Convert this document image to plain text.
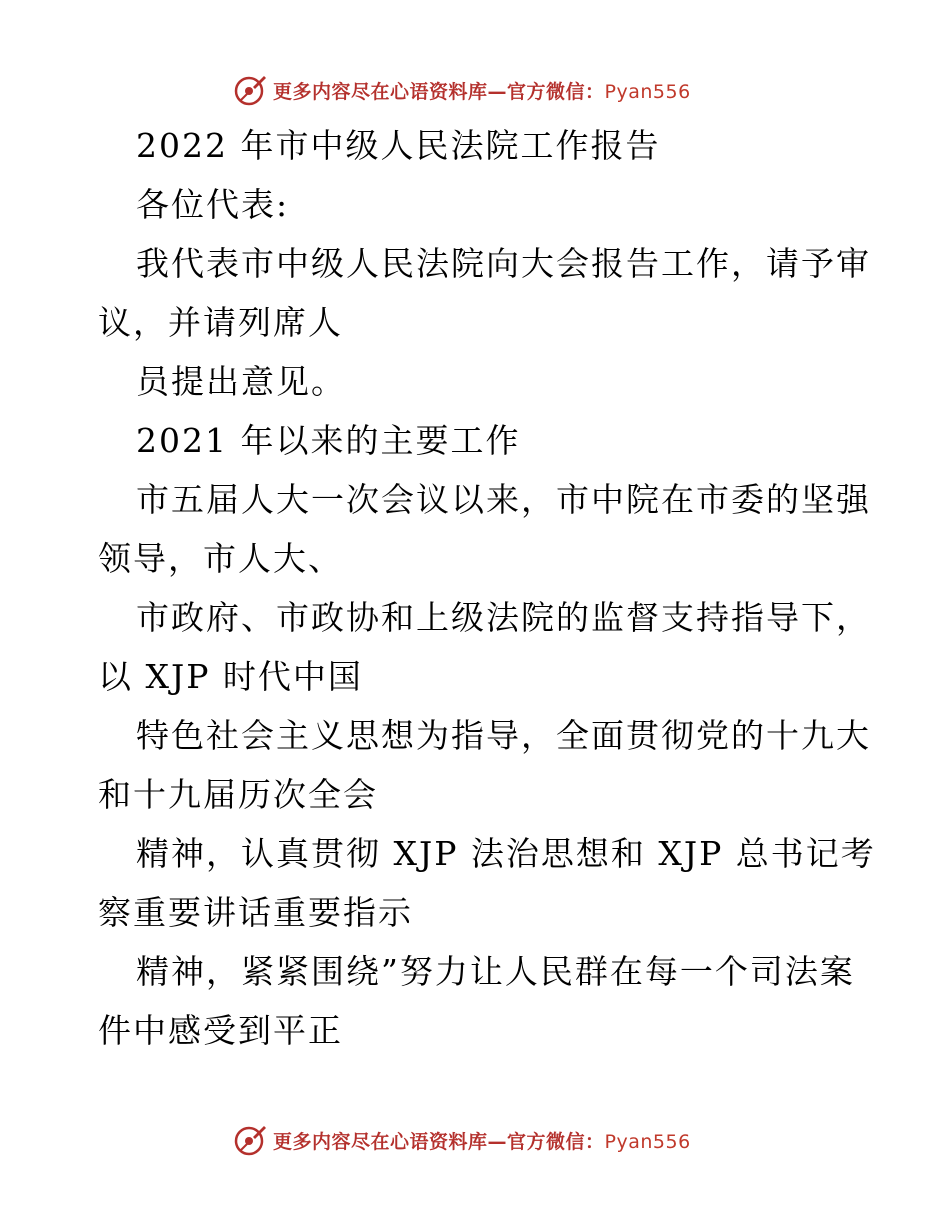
更多内容尽在心语资料库—官方微信：Pyan556
2022 年市中级人民法院工作报告
各位代表:
我代表市中级人民法院向大会报告工作，请予审
议，并请列席人
员提出意见。
2021 年以来的主要工作
市五届人大一次会议以来，市中院在市委的坚强
领导，市人大、
市政府、市政协和上级法院的监督支持指导下，
以 XJP 时代中国
特色社会主义思想为指导，全面贯彻党的十九大
和十九届历次全会
精神，认真贯彻 XJP 法治思想和 XJP 总书记考
察重要讲话重要指示
精神，紧紧围绕”努力让人民群在每一个司法案
件中感受到平正
更多内容尽在心语资料库—官方微信：Pyan556
